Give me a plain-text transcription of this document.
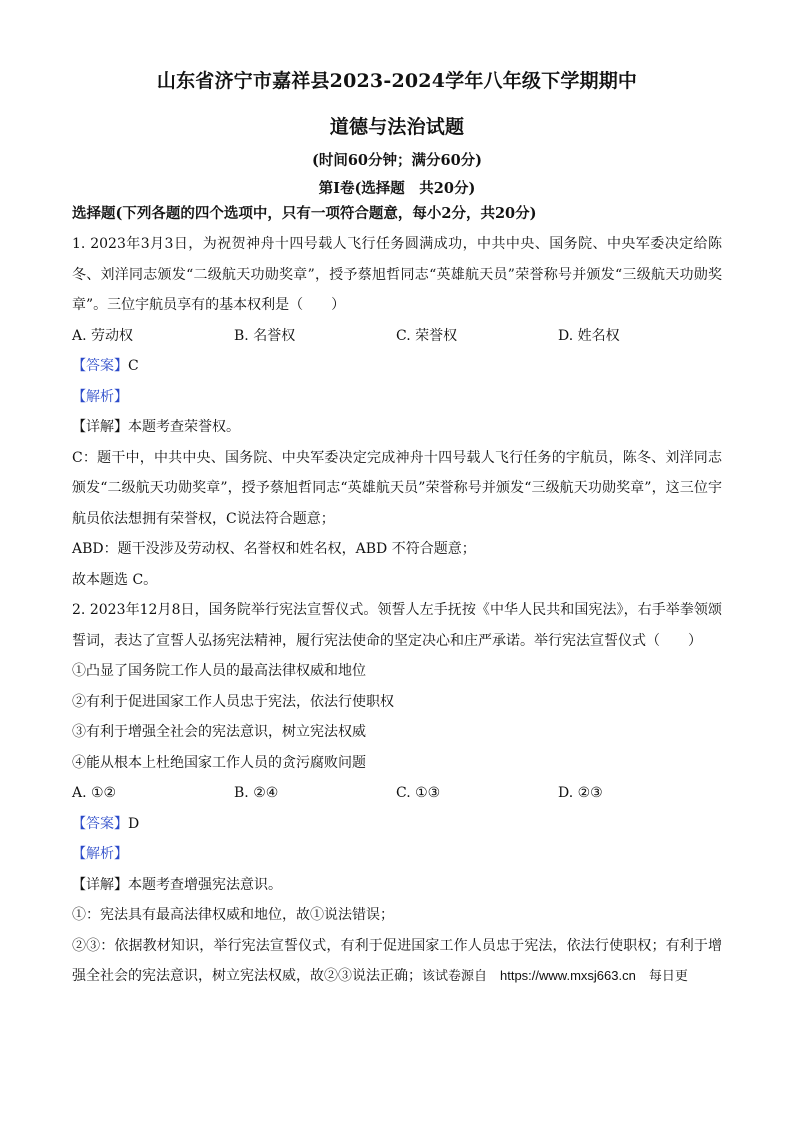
山东省济宁市嘉祥县2023-2024学年八年级下学期期中

道德与法治试题

(时间60分钟；满分60分)

第Ⅰ卷(选择题　共20分)

选择题(下列各题的四个选项中，只有一项符合题意，每小2分，共20分)

1. 2023年3月3日，为祝贺神舟十四号载人飞行任务圆满成功，中共中央、国务院、中央军委决定给陈冬、刘洋同志颁发“二级航天功勋奖章”，授予蔡旭哲同志“英雄航天员”荣誉称号并颁发“三级航天功勋奖章”。三位宇航员享有的基本权利是（　　）

A. 劳动权	B. 名誉权	C. 荣誉权	D. 姓名权

【答案】C

【解析】

【详解】本题考查荣誉权。

C：题干中，中共中央、国务院、中央军委决定完成神舟十四号载人飞行任务的宇航员，陈冬、刘洋同志颁发“二级航天功勋奖章”，授予蔡旭哲同志“英雄航天员”荣誉称号并颁发“三级航天功勋奖章”，这三位宇航员依法想拥有荣誉权，C说法符合题意；

ABD：题干没涉及劳动权、名誉权和姓名权，ABD 不符合题意；

故本题选 C。

2. 2023年12月8日，国务院举行宪法宣誓仪式。领誓人左手抚按《中华人民共和国宪法》，右手举拳领颂誓词，表达了宣誓人弘扬宪法精神，履行宪法使命的坚定决心和庄严承诺。举行宪法宣誓仪式（　　）

①凸显了国务院工作人员的最高法律权威和地位

②有利于促进国家工作人员忠于宪法，依法行使职权

③有利于增强全社会的宪法意识，树立宪法权威

④能从根本上杜绝国家工作人员的贪污腐败问题

A. ①②	B. ②④	C. ①③	D. ②③

【答案】D

【解析】

【详解】本题考查增强宪法意识。

①：宪法具有最高法律权威和地位，故①说法错误；

②③：依据教材知识，举行宪法宣誓仪式，有利于促进国家工作人员忠于宪法，依法行使职权；有利于增强全社会的宪法意识，树立宪法权威，故②③说法正确；该试卷源自　https://www.mxsj663.cn　每日更
